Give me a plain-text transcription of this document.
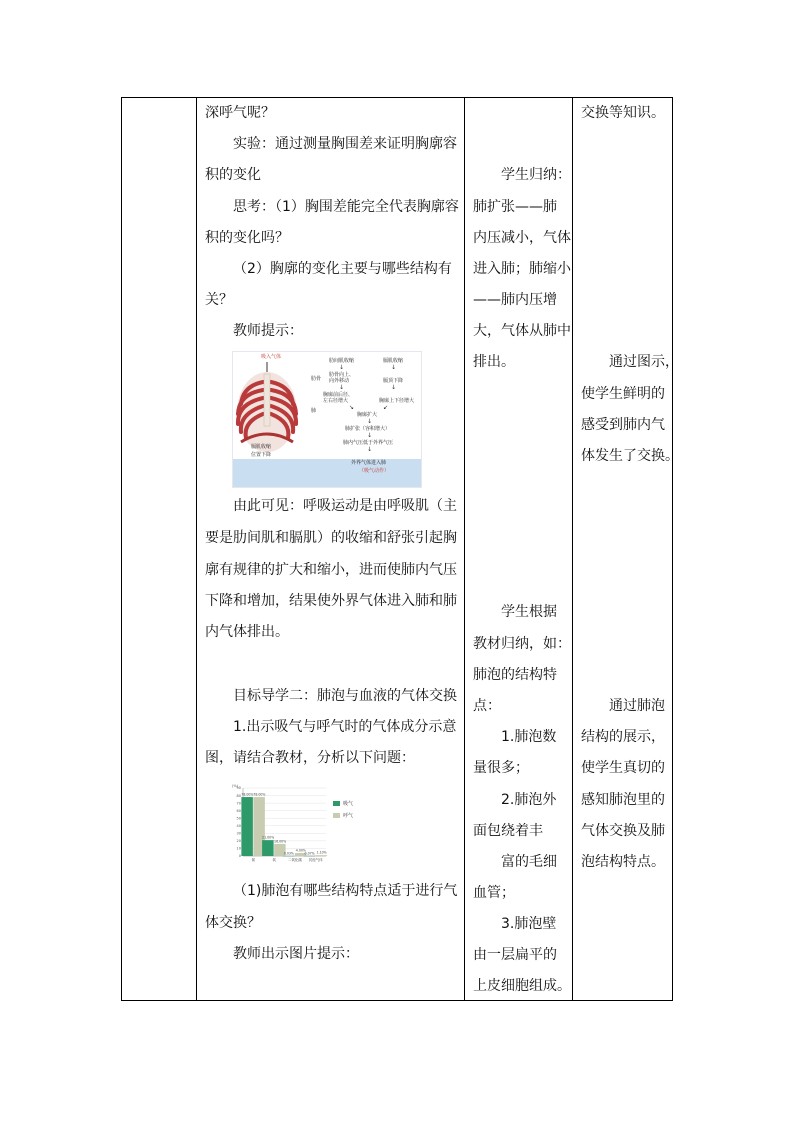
深呼气呢？

实验：通过测量胸围差来证明胸廓容

积的变化

思考：（1）胸围差能完全代表胸廓容

积的变化吗？

（2）胸廓的变化主要与哪些结构有

关？

教师提示：

吸入气体
肋骨
肺
膈肌收缩
位置下降
肋间肌收缩	膈肌收缩
↓	↓
肋骨向上、
向外移动	膈顶下降
↓	↓
胸廓前后径、
左右径增大	胸廓上下径增大
↘	↙
胸廓扩大
↓
肺扩张（容积增大）
↓
肺内气压低于外界气压
↓
外界气体进入肺
（吸气动作）

由此可见：呼吸运动是由呼吸肌（主

要是肋间肌和膈肌）的收缩和舒张引起胸

廓有规律的扩大和缩小，进而使肺内气压

下降和增加，结果使外界气体进入肺和肺

内气体排出。

目标导学二：肺泡与血液的气体交换

1.出示吸气与呼气时的气体成分示意

图，请结合教材，分析以下问题：

(%)
90
80
70
60
50
40
30
20
10
0
78.00% 78.00%
氮
21.00%
16.00%
氧
0.03%
4.00%
二氧化碳
0.07% 1.10%
其他气体
吸气
呼气

（1)肺泡有哪些结构特点适于进行气

体交换？

教师出示图片提示：

学生归纳：

肺扩张——肺

内压减小，气体

进入肺；肺缩小

——肺内压增

大，气体从肺中

排出。

学生根据

教材归纳，如：

肺泡的结构特

点：

1.肺泡数

量很多；

2.肺泡外

面包绕着丰

富的毛细

血管；

3.肺泡壁

由一层扁平的

上皮细胞组成。

交换等知识。

通过图示，

使学生鲜明的

感受到肺内气

体发生了交换。

通过肺泡

结构的展示，

使学生真切的

感知肺泡里的

气体交换及肺

泡结构特点。
